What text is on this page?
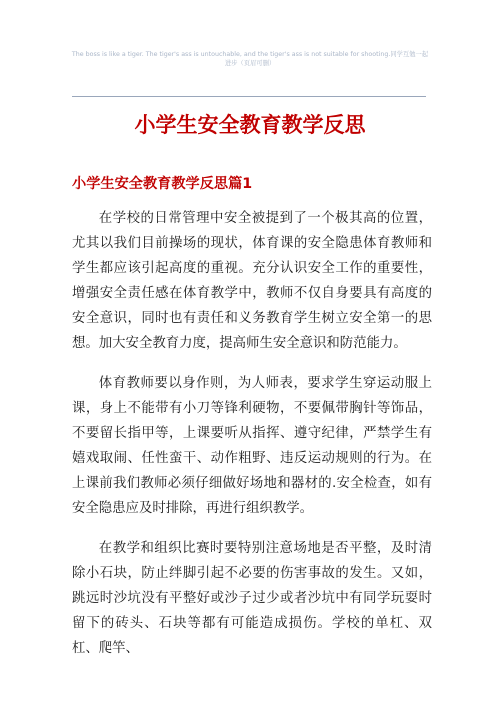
The boss is like a tiger. The tiger's ass is untouchable, and the tiger's ass is not suitable for shooting.同学互勉一起进步（页眉可删）
小学生安全教育教学反思
小学生安全教育教学反思篇1

在学校的日常管理中安全被提到了一个极其高的位置，尤其以我们目前操场的现状，体育课的安全隐患体育教师和学生都应该引起高度的重视。充分认识安全工作的重要性，增强安全责任感在体育教学中，教师不仅自身要具有高度的安全意识，同时也有责任和义务教育学生树立安全第一的思想。加大安全教育力度，提高师生安全意识和防范能力。

体育教师要以身作则，为人师表，要求学生穿运动服上课，身上不能带有小刀等锋利硬物，不要佩带胸针等饰品，不要留长指甲等，上课要听从指挥、遵守纪律，严禁学生有嬉戏取闹、任性蛮干、动作粗野、违反运动规则的行为。在上课前我们教师必须仔细做好场地和器材的.安全检查，如有安全隐患应及时排除，再进行组织教学。

在教学和组织比赛时要特别注意场地是否平整，及时清除小石块，防止绊脚引起不必要的伤害事故的发生。又如，跳远时沙坑没有平整好或沙子过少或者沙坑中有同学玩耍时留下的砖头、石块等都有可能造成损伤。学校的单杠、双杠、爬竿、
